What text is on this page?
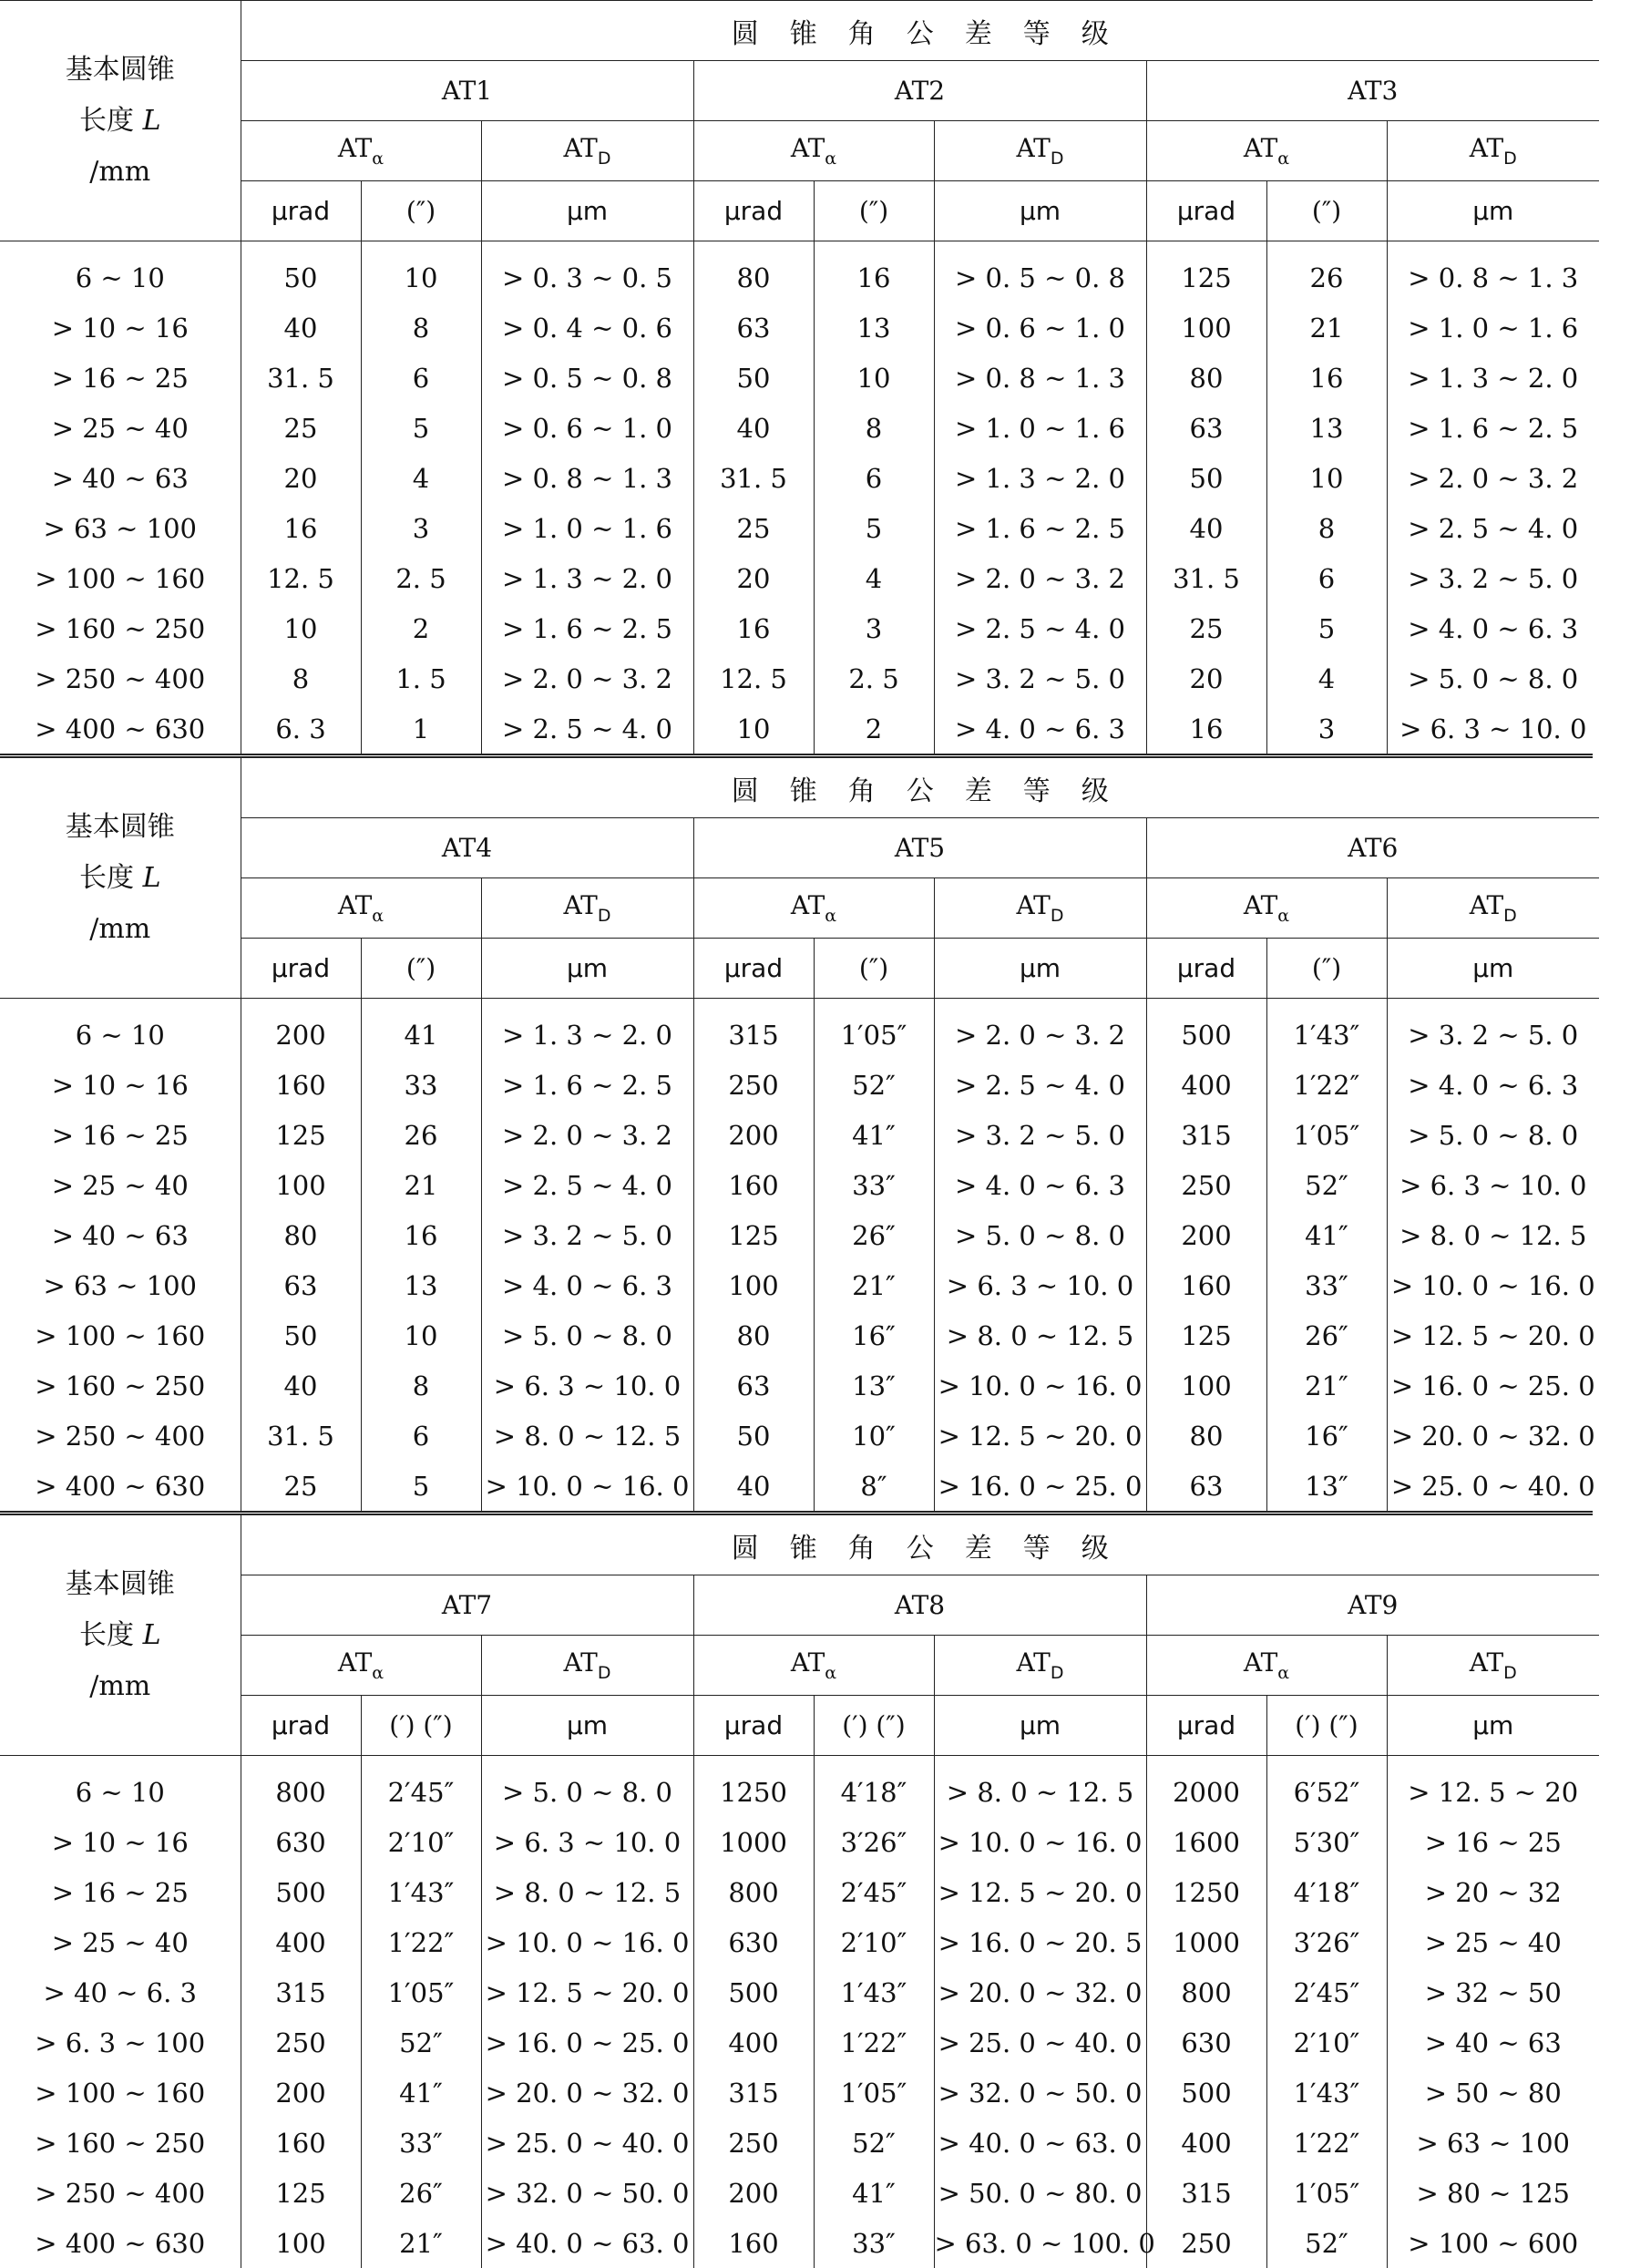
基本圆锥
长度 L
/mm	圆锥角公差等级								
	AT1			AT2			AT3		
	$AT_\alpha$		$AT_D$	$AT_\alpha$		$AT_D$	$AT_\alpha$		$AT_D$
	μrad	(″)	μm	μrad	(″)	μm	μrad	(″)	μm
6 ~ 10	50	10	> 0. 3 ~ 0. 5	80	16	> 0. 5 ~ 0. 8	125	26	> 0. 8 ~ 1. 3
> 10 ~ 16	40	8	> 0. 4 ~ 0. 6	63	13	> 0. 6 ~ 1. 0	100	21	> 1. 0 ~ 1. 6
> 16 ~ 25	31. 5	6	> 0. 5 ~ 0. 8	50	10	> 0. 8 ~ 1. 3	80	16	> 1. 3 ~ 2. 0
> 25 ~ 40	25	5	> 0. 6 ~ 1. 0	40	8	> 1. 0 ~ 1. 6	63	13	> 1. 6 ~ 2. 5
> 40 ~ 63	20	4	> 0. 8 ~ 1. 3	31. 5	6	> 1. 3 ~ 2. 0	50	10	> 2. 0 ~ 3. 2
> 63 ~ 100	16	3	> 1. 0 ~ 1. 6	25	5	> 1. 6 ~ 2. 5	40	8	> 2. 5 ~ 4. 0
> 100 ~ 160	12. 5	2. 5	> 1. 3 ~ 2. 0	20	4	> 2. 0 ~ 3. 2	31. 5	6	> 3. 2 ~ 5. 0
> 160 ~ 250	10	2	> 1. 6 ~ 2. 5	16	3	> 2. 5 ~ 4. 0	25	5	> 4. 0 ~ 6. 3
> 250 ~ 400	8	1. 5	> 2. 0 ~ 3. 2	12. 5	2. 5	> 3. 2 ~ 5. 0	20	4	> 5. 0 ~ 8. 0
> 400 ~ 630	6. 3	1	> 2. 5 ~ 4. 0	10	2	> 4. 0 ~ 6. 3	16	3	> 6. 3 ~ 10. 0
基本圆锥
长度 L
/mm	圆锥角公差等级								
	AT4			AT5			AT6		
	$AT_\alpha$		$AT_D$	$AT_\alpha$		$AT_D$	$AT_\alpha$		$AT_D$
	μrad	(″)	μm	μrad	(″)	μm	μrad	(″)	μm
6 ~ 10	200	41	> 1. 3 ~ 2. 0	315	1′05″	> 2. 0 ~ 3. 2	500	1′43″	> 3. 2 ~ 5. 0
> 10 ~ 16	160	33	> 1. 6 ~ 2. 5	250	52″	> 2. 5 ~ 4. 0	400	1′22″	> 4. 0 ~ 6. 3
> 16 ~ 25	125	26	> 2. 0 ~ 3. 2	200	41″	> 3. 2 ~ 5. 0	315	1′05″	> 5. 0 ~ 8. 0
> 25 ~ 40	100	21	> 2. 5 ~ 4. 0	160	33″	> 4. 0 ~ 6. 3	250	52″	> 6. 3 ~ 10. 0
> 40 ~ 63	80	16	> 3. 2 ~ 5. 0	125	26″	> 5. 0 ~ 8. 0	200	41″	> 8. 0 ~ 12. 5
> 63 ~ 100	63	13	> 4. 0 ~ 6. 3	100	21″	> 6. 3 ~ 10. 0	160	33″	> 10. 0 ~ 16. 0
> 100 ~ 160	50	10	> 5. 0 ~ 8. 0	80	16″	> 8. 0 ~ 12. 5	125	26″	> 12. 5 ~ 20. 0
> 160 ~ 250	40	8	> 6. 3 ~ 10. 0	63	13″	> 10. 0 ~ 16. 0	100	21″	> 16. 0 ~ 25. 0
> 250 ~ 400	31. 5	6	> 8. 0 ~ 12. 5	50	10″	> 12. 5 ~ 20. 0	80	16″	> 20. 0 ~ 32. 0
> 400 ~ 630	25	5	> 10. 0 ~ 16. 0	40	8″	> 16. 0 ~ 25. 0	63	13″	> 25. 0 ~ 40. 0
基本圆锥
长度 L
/mm	圆锥角公差等级								
	AT7			AT8			AT9		
	$AT_\alpha$		$AT_D$	$AT_\alpha$		$AT_D$	$AT_\alpha$		$AT_D$
	μrad	(′) (″)	μm	μrad	(′) (″)	μm	μrad	(′) (″)	μm
6 ~ 10	800	2′45″	> 5. 0 ~ 8. 0	1250	4′18″	> 8. 0 ~ 12. 5	2000	6′52″	> 12. 5 ~ 20
> 10 ~ 16	630	2′10″	> 6. 3 ~ 10. 0	1000	3′26″	> 10. 0 ~ 16. 0	1600	5′30″	> 16 ~ 25
> 16 ~ 25	500	1′43″	> 8. 0 ~ 12. 5	800	2′45″	> 12. 5 ~ 20. 0	1250	4′18″	> 20 ~ 32
> 25 ~ 40	400	1′22″	> 10. 0 ~ 16. 0	630	2′10″	> 16. 0 ~ 20. 5	1000	3′26″	> 25 ~ 40
> 40 ~ 6. 3	315	1′05″	> 12. 5 ~ 20. 0	500	1′43″	> 20. 0 ~ 32. 0	800	2′45″	> 32 ~ 50
> 6. 3 ~ 100	250	52″	> 16. 0 ~ 25. 0	400	1′22″	> 25. 0 ~ 40. 0	630	2′10″	> 40 ~ 63
> 100 ~ 160	200	41″	> 20. 0 ~ 32. 0	315	1′05″	> 32. 0 ~ 50. 0	500	1′43″	> 50 ~ 80
> 160 ~ 250	160	33″	> 25. 0 ~ 40. 0	250	52″	> 40. 0 ~ 63. 0	400	1′22″	> 63 ~ 100
> 250 ~ 400	125	26″	> 32. 0 ~ 50. 0	200	41″	> 50. 0 ~ 80. 0	315	1′05″	> 80 ~ 125
> 400 ~ 630	100	21″	> 40. 0 ~ 63. 0	160	33″	> 63. 0 ~ 100. 0	250	52″	> 100 ~ 600
